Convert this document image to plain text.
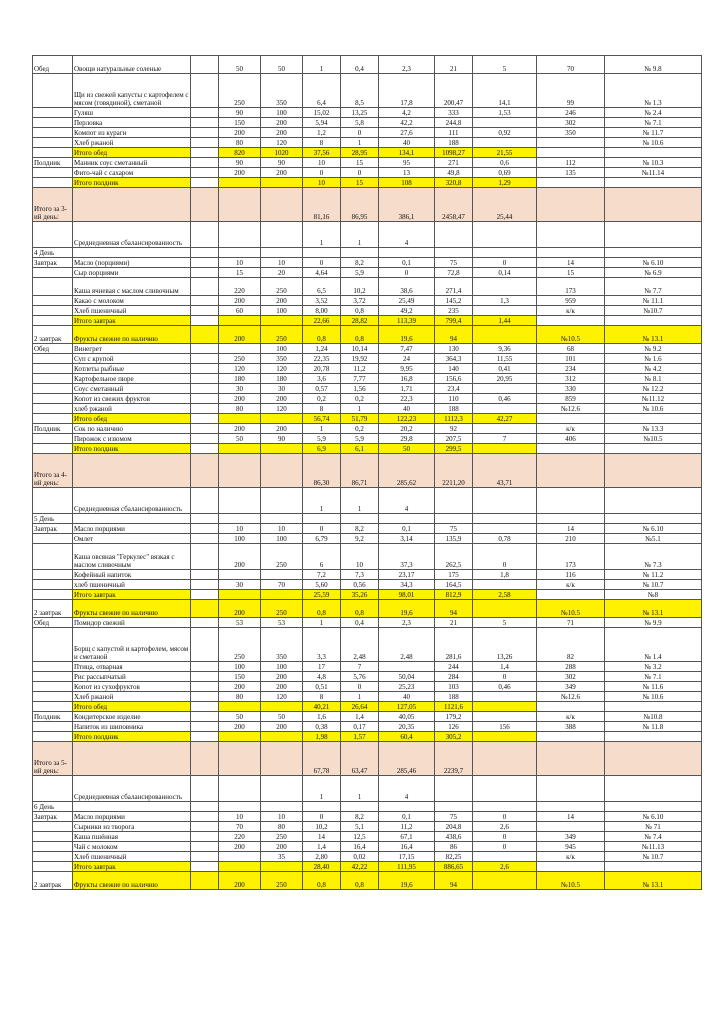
Обед	Овощи натуральные соленые		50	50	1	0,4	2,3	21	5	70	№ 9.8	
	Щи из свежей капусты с картофелем с мясом (говядиной), сметаной		250	350	6,4	8,5	17,8	200,47	14,1	99	№ 1.3	
	Гуляш		90	100	15,02	13,25	4,2	333	1,53	246	№ 2.4	
	Перловка		150	200	5,94	5,8	42,2	244,8		302	№ 7.1	
	Компот из кураги		200	200	1,2	0	27,6	111	0,92	350	№ 11.7	
	Хлеб ржаной		80	120	8	1	40	188			№ 10.6	
	Итого обед		820	1020	37,56	28,95	134,1	1098,27	21,55			
Полдник	Манник соус сметанный		90	90	10	15	95	271	0,6	112	№ 10.3	
	Фито-чай с сахаром		200	200	0	0	13	49,8	0,69	135	№11.14	
	Итого полдник				10	15	108	320,8	1,29			
Итого за 3-ий день:					81,16	86,95	386,1	2458,47	25,44			
	Среднедневная сбалансированность				1	1	4					
4 День												
Завтрак	Масло (порциями)		10	10	0	8,2	0,1	75	0	14	№ 6.10	
	Сыр порциями		15	20	4,64	5,9	0	72,8	0,14	15	№ 6.9	
	Каша ячневая с маслом сливочным		220	250	6,5	10,2	38,6	271,4		173	№ 7.7	
	Какао с молоком		200	200	3,52	3,72	25,49	145,2	1,3	959	№ 11.1	
	Хлеб пшеничный		60	100	8,00	0,8	49,2	235		к/к	№10.7	
	Итого завтрак				22,66	28,82	113,39	799,4	1,44			
2 завтрак	Фрукты свежие по наличию		200	250	0,8	0,8	19,6	94		№10.5	№ 13.1	
Обед	Винегрет			100	1,24	10,14	7,47	130	9,36	68	№ 9.2	
	Суп с крупой		250	350	22,35	19,92	24	364,3	11,55	101	№ 1.6	
	Котлеты рыбные		120	120	20,78	11,2	9,95	140	0,41	234	№ 4.2	
	Картофельное пюре		180	180	3,6	7,77	16,8	156,6	20,95	312	№ 8.1	
	Соус сметанный		30	30	0,57	1,56	1,71	23,4		330	№ 12.2	
	Копот из свежих фруктов		200	200	0,2	0,2	22,3	110	0,46	859	№11.12	
	хлеб ржаной		80	120	8	1	40	188		№12.6	№ 10.6	
	Итого обед				56,74	51,79	122,23	1112,3	42,27			
Полдник	Сок по наличию		200	200	1	0,2	20,2	92		к/к	№ 13.3	
	Пирожок с изюмом		50	90	5,9	5,9	29,8	207,5	7	406	№10.5	
	Итого полдник				6,9	6,1	50	299,5				
Итого за 4-ий день:					86,30	86,71	285,62	2211,20	43,71			
	Среднедневная сбалансированность				1	1	4					
5 День												
Завтрак	Масло порциями		10	10	0	8,2	0,1	75		14	№ 6.10	
	Омлет		100	100	6,79	9,2	3,14	135,9	0,78	210	№5.1	
	Каша овсяная "Геркулес" вязкая с маслом сливочным		200	250	6	10	37,3	262,5	0	173	№ 7.3	
	Кофейный напиток				7,2	7,3	23,17	175	1,8	116	№ 11.2	
	хлеб пшеничный		30	70	5,60	0,56	34,3	164,5		к/к	№ 10.7	
	Итого завтрак				25,59	35,26	98,01	812,9	2,58		№8	
2 завтрак	Фрукты свежие по наличию		200	250	0,8	0,8	19,6	94		№10.5	№ 13.1	
Обед	Помидор свежий		53	53	1	0,4	2,3	21	5	71	№ 9.9	
	Борщ с капустой и картофелем, мясом и сметаной		250	350	3,3	2,48	2,48	281,6	13,26	82	№ 1.4	
	Птица, отварная		100	100	17	7		244	1,4	288	№ 3.2	
	Рис рассыпчатый		150	200	4,8	5,76	50,04	284	0	302	№ 7.1	
	Копот из сухофруктов		200	200	0,51	0	25,23	103	0,46	349	№ 11.6	
	Хлеб ржаной		80	120	8	1	40	188		№12.6	№ 10.6	
	Итого обед				40,21	26,64	127,05	1121,6				
Полдник	Кондитерское изделие		50	50	1,6	1,4	40,05	179,2		к/к	№10.8	
	Напиток из шиповника		200	200	0,38	0,17	20,35	126	156	388	№ 11.8	
	Итого полдник				1,98	1,57	60,4	305,2				
Итого за 5-ий день:					67,78	63,47	285,46	2239,7				
	Среднедневная сбалансированность				1	1	4					
6 День												
Завтрак	Масло порциями		10	10	0	8,2	0,1	75	0	14	№ 6.10	
	Сырники из творога		70	80	10,2	5,1	11,2	204,8	2,6		№ 71	
	Каша пшённая		220	250	14	12,5	67,1	438,6	0	349	№ 7.4	
	Чай с молоком		200	200	1,4	16,4	16,4	86	0	945	№11.13	
	Хлеб пшеничный			35	2,80	0,02	17,15	82,25		к/к	№ 10.7	
	Итого завтрак				28,40	42,22	111,95	886,65	2,6			
2 завтрак	Фрукты свежие по наличию		200	250	0,8	0,8	19,6	94		№10.5	№ 13.1	
